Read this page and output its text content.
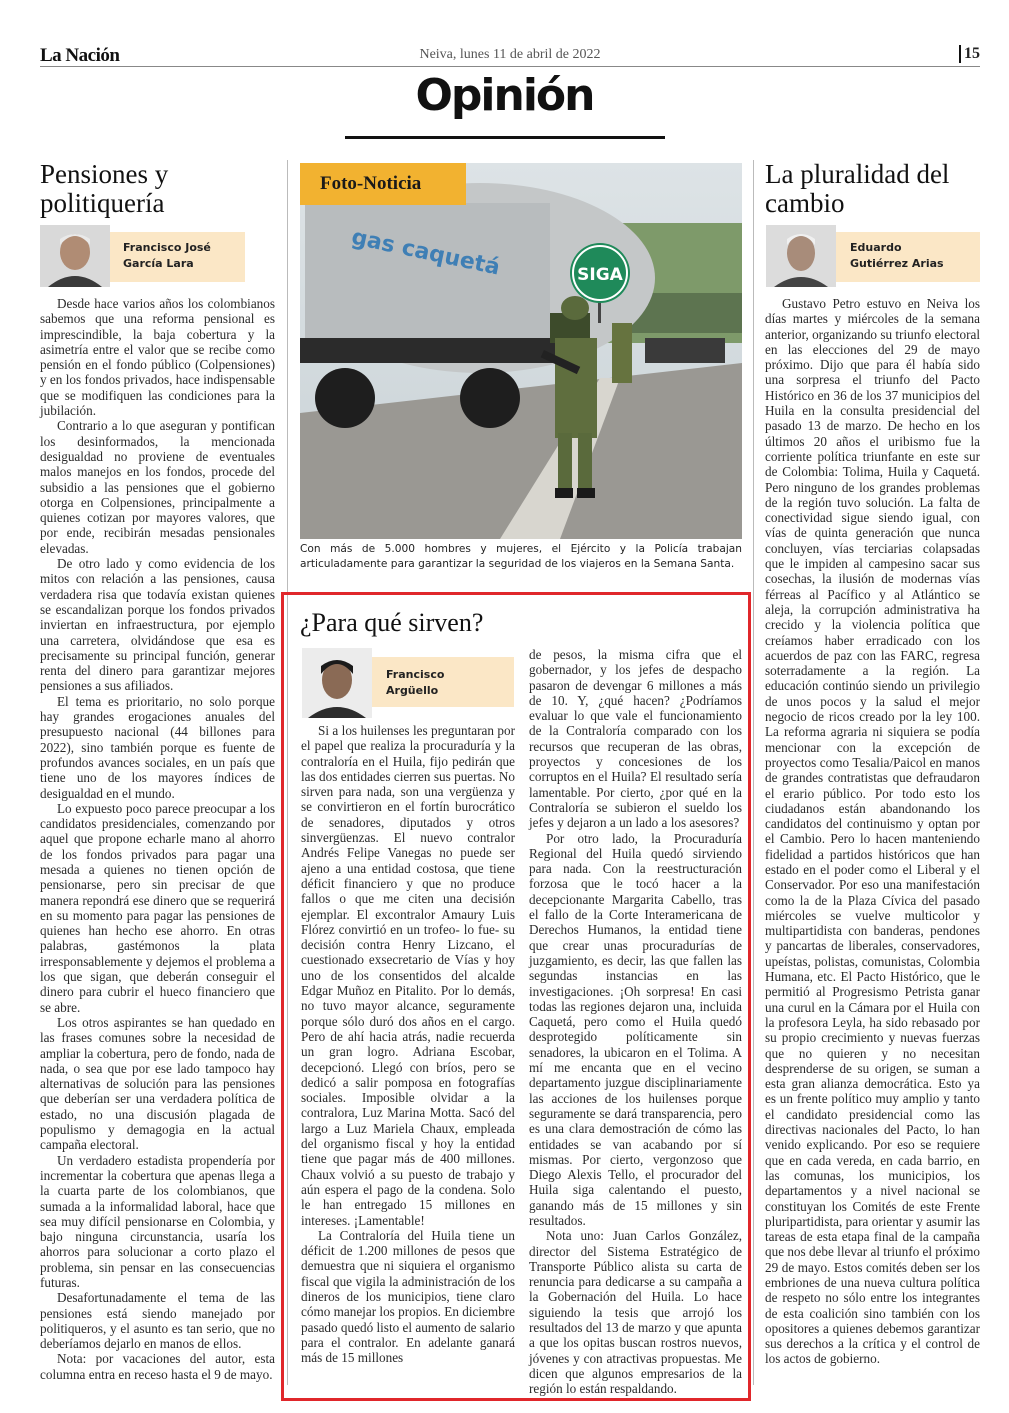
La Nación	Neiva, lunes 11 de abril de 2022	15
Opinión
Pensiones y politiquería
Francisco José
García Lara

Desde hace varios años los colombianos sabemos que una reforma pensional es imprescindible, la baja cobertura y la asimetría entre el valor que se recibe como pensión en el fondo público (Colpensiones) y en los fondos privados, hace indispensable que se modifiquen las condiciones para la jubilación.

Contrario a lo que aseguran y pontifican los desinformados, la mencionada desigualdad no proviene de eventuales malos manejos en los fondos, procede del subsidio a las pensiones que el gobierno otorga en Colpensiones, principalmente a quienes cotizan por mayores valores, que por ende, recibirán mesadas pensionales elevadas.

De otro lado y como evidencia de los mitos con relación a las pensiones, causa verdadera risa que todavía existan quienes se escandalizan porque los fondos privados inviertan en infraestructura, por ejemplo una carretera, olvidándose que esa es precisamente su principal función, generar renta del dinero para garantizar mejores pensiones a sus afiliados.

El tema es prioritario, no solo porque hay grandes erogaciones anuales del presupuesto nacional (44 billones para 2022), sino también porque es fuente de profundos avances sociales, en un país que tiene uno de los mayores índices de desigualdad en el mundo.

Lo expuesto poco parece preocupar a los candidatos presidenciales, comenzando por aquel que propone echarle mano al ahorro de los fondos privados para pagar una mesada a quienes no tienen opción de pensionarse, pero sin precisar de que manera repondrá ese dinero que se requerirá en su momento para pagar las pensiones de quienes han hecho ese ahorro. En otras palabras, gastémonos la plata irresponsablemente y dejemos el problema a los que sigan, que deberán conseguir el dinero para cubrir el hueco financiero que se abre.

Los otros aspirantes se han quedado en las frases comunes sobre la necesidad de ampliar la cobertura, pero de fondo, nada de nada, o sea que por ese lado tampoco hay alternativas de solución para las pensiones que deberían ser una verdadera política de estado, no una discusión plagada de populismo y demagogia en la actual campaña electoral.

Un verdadero estadista propendería por incrementar la cobertura que apenas llega a la cuarta parte de los colombianos, que sumada a la informalidad laboral, hace que sea muy difícil pensionarse en Colombia, y bajo ninguna circunstancia, usaría los ahorros para solucionar a corto plazo el problema, sin pensar en las consecuencias futuras.

Desafortunadamente el tema de las pensiones está siendo manejado por politiqueros, y el asunto es tan serio, que no deberíamos dejarlo en manos de ellos.

Nota: por vacaciones del autor, esta columna entra en receso hasta el 9 de mayo.

gas caquetá	SIGA
Foto-Noticia
Con más de 5.000 hombres y mujeres, el Ejército y la Policía trabajan articuladamente para garantizar la seguridad de los viajeros en la Semana Santa.
¿Para qué sirven?
Francisco
Argüello

Si a los huilenses les preguntaran por el papel que realiza la procuraduría y la contraloría en el Huila, fijo pedirán que las dos entidades cierren sus puertas. No sirven para nada, son una vergüenza y se convirtieron en el fortín burocrático de senadores, diputados y otros sinvergüenzas. El nuevo contralor Andrés Felipe Vanegas no puede ser ajeno a una entidad costosa, que tiene déficit financiero y que no produce fallos o que me citen una decisión ejemplar. El excontralor Amaury Luis Flórez convirtió en un trofeo- lo fue- su decisión contra Henry Lizcano, el cuestionado exsecretario de Vías y hoy uno de los consentidos del alcalde Edgar Muñoz en Pitalito. Por lo demás, no tuvo mayor alcance, seguramente porque sólo duró dos años en el cargo. Pero de ahí hacia atrás, nadie recuerda un gran logro. Adriana Escobar, decepcionó. Llegó con bríos, pero se dedicó a salir pomposa en fotografías sociales. Imposible olvidar a la contralora, Luz Marina Motta. Sacó del largo a Luz Mariela Chaux, empleada del organismo fiscal y hoy la entidad tiene que pagar más de 400 millones. Chaux volvió a su puesto de trabajo y aún espera el pago de la condena. Solo le han entregado 15 millones en intereses. ¡Lamentable!

La Contraloría del Huila tiene un déficit de 1.200 millones de pesos que demuestra que ni siquiera el organismo fiscal que vigila la administración de los dineros de los municipios, tiene claro cómo manejar los propios. En diciembre pasado quedó listo el aumento de salario para el contralor. En adelante ganará más de 15 millones

de pesos, la misma cifra que el gobernador, y los jefes de despacho pasaron de devengar 6 millones a más de 10. Y, ¿qué hacen? ¿Podríamos evaluar lo que vale el funcionamiento de la Contraloría comparado con los recursos que recuperan de las obras, proyectos y concesiones de los corruptos en el Huila? El resultado sería lamentable. Por cierto, ¿por qué en la Contraloría se subieron el sueldo los jefes y dejaron a un lado a los asesores?

Por otro lado, la Procuraduría Regional del Huila quedó sirviendo para nada. Con la reestructuración forzosa que le tocó hacer a la decepcionante Margarita Cabello, tras el fallo de la Corte Interamericana de Derechos Humanos, la entidad tiene que crear unas procuradurías de juzgamiento, es decir, las que fallen las segundas instancias en las investigaciones. ¡Oh sorpresa! En casi todas las regiones dejaron una, incluida Caquetá, pero como el Huila quedó desprotegido políticamente sin senadores, la ubicaron en el Tolima. A mí me encanta que en el vecino departamento juzgue disciplinariamente las acciones de los huilenses porque seguramente se dará transparencia, pero es una clara demostración de cómo las entidades se van acabando por sí mismas. Por cierto, vergonzoso que Diego Alexis Tello, el procurador del Huila siga calentando el puesto, ganando más de 15 millones y sin resultados.

Nota uno: Juan Carlos González, director del Sistema Estratégico de Transporte Público alista su carta de renuncia para dedicarse a su campaña a la Gobernación del Huila. Lo hace siguiendo la tesis que arrojó los resultados del 13 de marzo y que apunta a que los opitas buscan rostros nuevos, jóvenes y con atractivas propuestas. Me dicen que algunos empresarios de la región lo están respaldando.

La pluralidad del cambio
Eduardo
Gutiérrez Arias

Gustavo Petro estuvo en Neiva los días martes y miércoles de la semana anterior, organizando su triunfo electoral en las elecciones del 29 de mayo próximo. Dijo que para él había sido una sorpresa el triunfo del Pacto Histórico en 36 de los 37 municipios del Huila en la consulta presidencial del pasado 13 de marzo. De hecho en los últimos 20 años el uribismo fue la corriente política triunfante en este sur de Colombia: Tolima, Huila y Caquetá. Pero ninguno de los grandes problemas de la región tuvo solución. La falta de conectividad sigue siendo igual, con vías de quinta generación que nunca concluyen, vías terciarias colapsadas que le impiden al campesino sacar sus cosechas, la ilusión de modernas vías férreas al Pacífico y al Atlántico se aleja, la corrupción administrativa ha crecido y la violencia política que creíamos haber erradicado con los acuerdos de paz con las FARC, regresa soterradamente a la región. La educación continúo siendo un privilegio de unos pocos y la salud el mejor negocio de ricos creado por la ley 100. La reforma agraria ni siquiera se podía mencionar con la excepción de proyectos como Tesalia/Paicol en manos de grandes contratistas que defraudaron el erario público. Por todo esto los ciudadanos están abandonando los candidatos del continuismo y optan por el Cambio. Pero lo hacen manteniendo fidelidad a partidos históricos que han estado en el poder como el Liberal y el Conservador. Por eso una manifestación como la de la Plaza Cívica del pasado miércoles se vuelve multicolor y multipartidista con banderas, pendones y pancartas de liberales, conservadores, upeístas, polistas, comunistas, Colombia Humana, etc. El Pacto Histórico, que le permitió al Progresismo Petrista ganar una curul en la Cámara por el Huila con la profesora Leyla, ha sido rebasado por su propio crecimiento y nuevas fuerzas que no quieren y no necesitan desprenderse de su origen, se suman a esta gran alianza democrática. Esto ya es un frente político muy amplio y tanto el candidato presidencial como las directivas nacionales del Pacto, lo han venido explicando. Por eso se requiere que en cada vereda, en cada barrio, en las comunas, los municipios, los departamentos y a nivel nacional se constituyan los Comités de este Frente pluripartidista, para orientar y asumir las tareas de esta etapa final de la campaña que nos debe llevar al triunfo el próximo 29 de mayo. Estos comités deben ser los embriones de una nueva cultura política de respeto no sólo entre los integrantes de esta coalición sino también con los opositores a quienes debemos garantizar sus derechos a la crítica y el control de los actos de gobierno.
